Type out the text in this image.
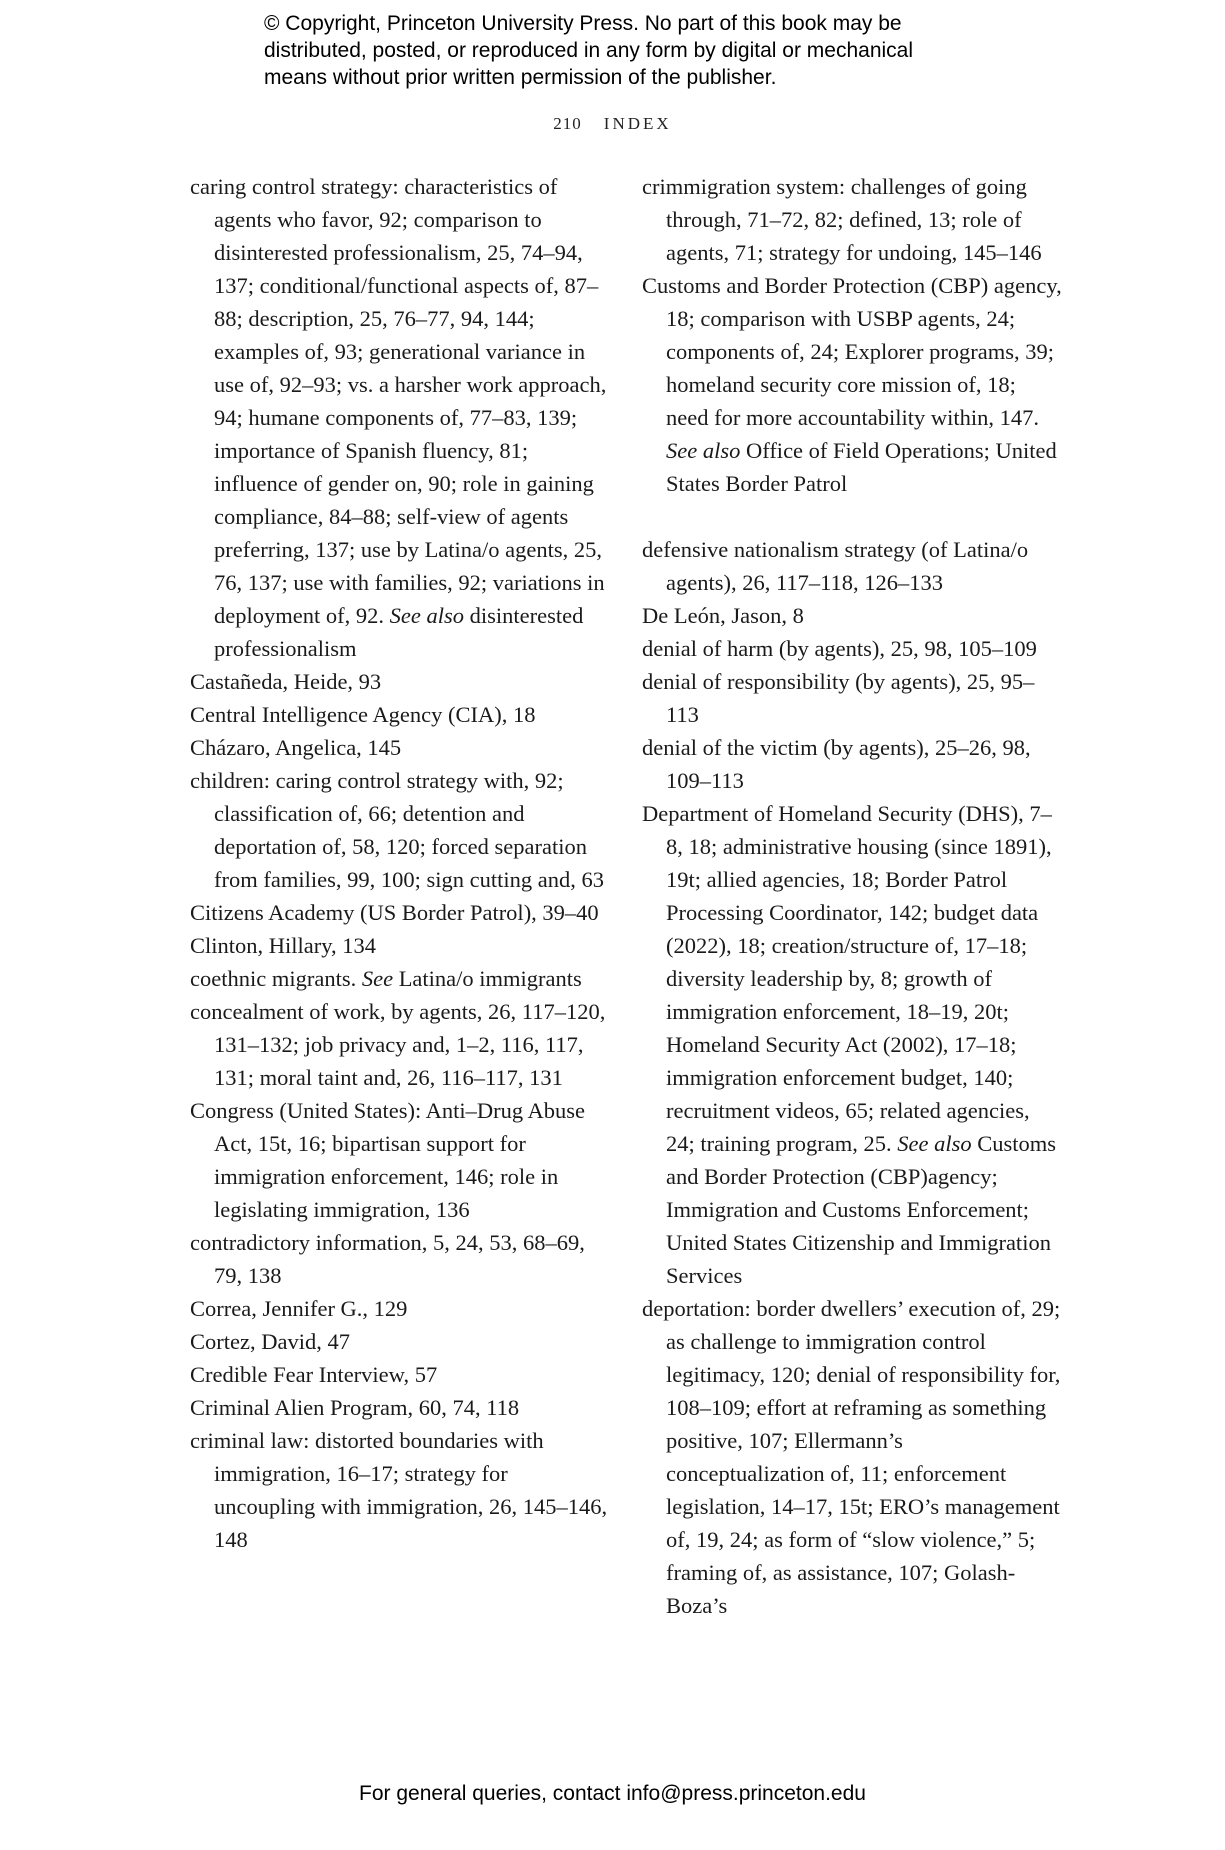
© Copyright, Princeton University Press. No part of this book may be
distributed, posted, or reproduced in any form by digital or mechanical
means without prior written permission of the publisher.
210 INDEX
caring control strategy: characteristics of agents who favor, 92; comparison to disinterested professionalism, 25, 74–94, 137; conditional/functional aspects of, 87–88; description, 25, 76–77, 94, 144; examples of, 93; generational variance in use of, 92–93; vs. a harsher work approach, 94; humane components of, 77–83, 139; importance of Spanish fluency, 81; influence of gender on, 90; role in gaining compliance, 84–88; self-view of agents preferring, 137; use by Latina/o agents, 25, 76, 137; use with families, 92; variations in deployment of, 92. See also disinterested professionalism
Castañeda, Heide, 93
Central Intelligence Agency (CIA), 18
Cházaro, Angelica, 145
children: caring control strategy with, 92; classification of, 66; detention and deportation of, 58, 120; forced separation from families, 99, 100; sign cutting and, 63
Citizens Academy (US Border Patrol), 39–40
Clinton, Hillary, 134
coethnic migrants. See Latina/o immigrants
concealment of work, by agents, 26, 117–120, 131–132; job privacy and, 1–2, 116, 117, 131; moral taint and, 26, 116–117, 131
Congress (United States): Anti–Drug Abuse Act, 15t, 16; bipartisan support for immigration enforcement, 146; role in legislating immigration, 136
contradictory information, 5, 24, 53, 68–69, 79, 138
Correa, Jennifer G., 129
Cortez, David, 47
Credible Fear Interview, 57
Criminal Alien Program, 60, 74, 118
criminal law: distorted boundaries with immigration, 16–17; strategy for uncoupling with immigration, 26, 145–146, 148
crimmigration system: challenges of going through, 71–72, 82; defined, 13; role of agents, 71; strategy for undoing, 145–146
Customs and Border Protection (CBP) agency, 18; comparison with USBP agents, 24; components of, 24; Explorer programs, 39; homeland security core mission of, 18; need for more accountability within, 147. See also Office of Field Operations; United States Border Patrol
defensive nationalism strategy (of Latina/o agents), 26, 117–118, 126–133
De León, Jason, 8
denial of harm (by agents), 25, 98, 105–109
denial of responsibility (by agents), 25, 95–113
denial of the victim (by agents), 25–26, 98, 109–113
Department of Homeland Security (DHS), 7–8, 18; administrative housing (since 1891), 19t; allied agencies, 18; Border Patrol Processing Coordinator, 142; budget data (2022), 18; creation/structure of, 17–18; diversity leadership by, 8; growth of immigration enforcement, 18–19, 20t; Homeland Security Act (2002), 17–18; immigration enforcement budget, 140; recruitment videos, 65; related agencies, 24; training program, 25. See also Customs and Border Protection (CBP)agency; Immigration and Customs Enforcement; United States Citizenship and Immigration Services
deportation: border dwellers’ execution of, 29; as challenge to immigration control legitimacy, 120; denial of responsibility for, 108–109; effort at reframing as something positive, 107; Ellermann’s conceptualization of, 11; enforcement legislation, 14–17, 15t; ERO’s management of, 19, 24; as form of “slow violence,” 5; framing of, as assistance, 107; Golash-Boza’s
For general queries, contact info@press.princeton.edu
